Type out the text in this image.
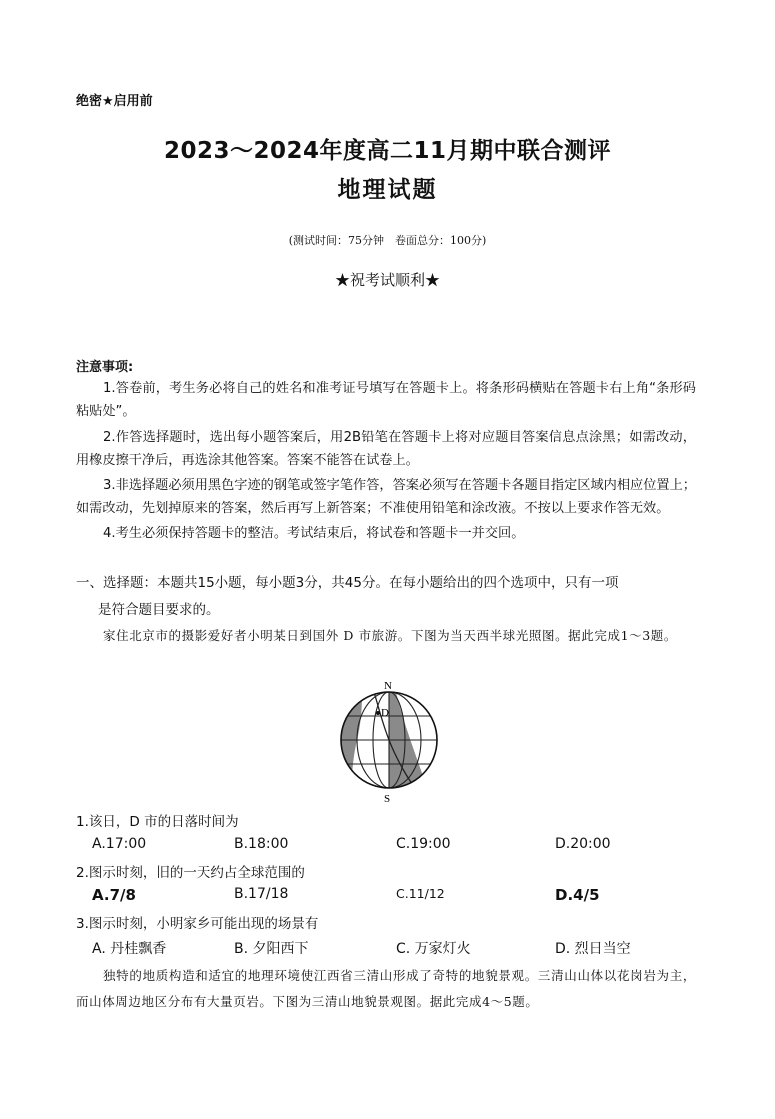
绝密★启用前
2023～2024年度高二11月期中联合测评
地理试题
(测试时间：75分钟　卷面总分：100分)
★祝考试顺利★
注意事项:
1.答卷前，考生务必将自己的姓名和准考证号填写在答题卡上。将条形码横贴在答题卡右上角“条形码粘贴处”。
2.作答选择题时，选出每小题答案后，用2B铅笔在答题卡上将对应题目答案信息点涂黑；如需改动，用橡皮擦干净后，再选涂其他答案。答案不能答在试卷上。
3.非选择题必须用黑色字迹的钢笔或签字笔作答，答案必须写在答题卡各题目指定区域内相应位置上；如需改动，先划掉原来的答案，然后再写上新答案；不准使用铅笔和涂改液。不按以上要求作答无效。
4.考生必须保持答题卡的整洁。考试结束后，将试卷和答题卡一并交回。
一、选择题：本题共15小题，每小题3分，共45分。在每小题给出的四个选项中，只有一项
是符合题目要求的。
家住北京市的摄影爱好者小明某日到国外 D 市旅游。下图为当天西半球光照图。据此完成1～3题。
D
N
S
1.该日，D 市的日落时间为
A.17:00	B.18:00	C.19:00	D.20:00
2.图示时刻，旧的一天约占全球范围的
A.7/8	B.17/18	C.11/12	D.4/5
3.图示时刻，小明家乡可能出现的场景有
A. 丹桂飘香	B. 夕阳西下	C. 万家灯火	D. 烈日当空
独特的地质构造和适宜的地理环境使江西省三清山形成了奇特的地貌景观。三清山山体以花岗岩为主，而山体周边地区分布有大量页岩。下图为三清山地貌景观图。据此完成4～5题。
